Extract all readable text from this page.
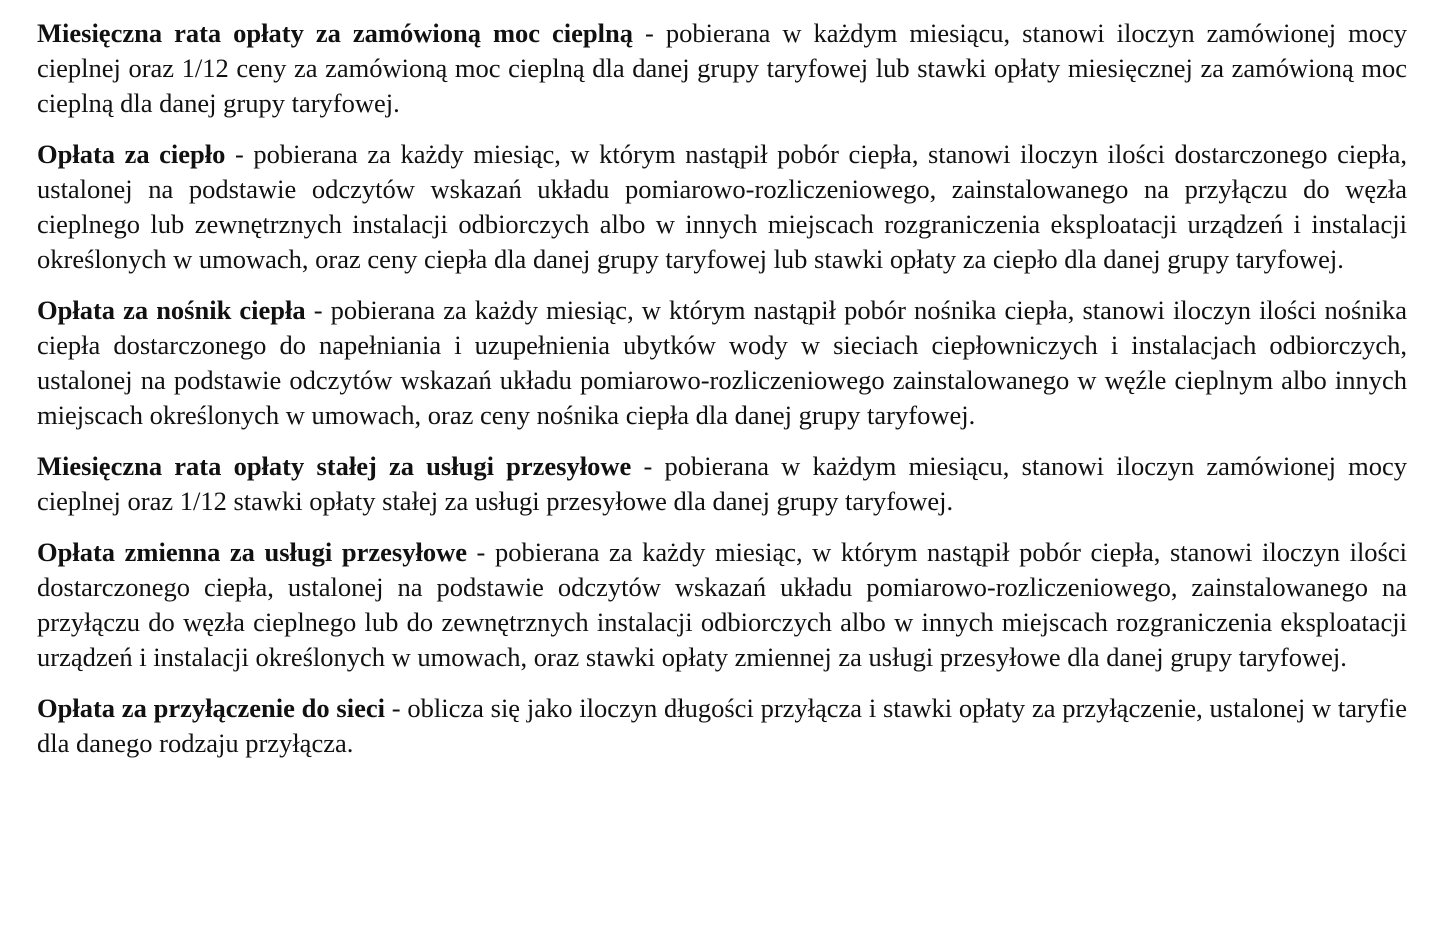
Miesięczna rata opłaty za zamówioną moc cieplną - pobierana w każdym miesiącu, stanowi iloczyn zamówionej mocy cieplnej oraz 1/12 ceny za zamówioną moc cieplną dla danej grupy taryfowej lub stawki opłaty miesięcznej za zamówioną moc cieplną dla danej grupy taryfowej.

Opłata za ciepło - pobierana za każdy miesiąc, w którym nastąpił pobór ciepła, stanowi iloczyn ilości dostarczonego ciepła, ustalonej na podstawie odczytów wskazań układu pomiarowo-rozliczeniowego, zainstalowanego na przyłączu do węzła cieplnego lub zewnętrznych instalacji odbiorczych albo w innych miejscach rozgraniczenia eksploatacji urządzeń i instalacji określonych w umowach, oraz ceny ciepła dla danej grupy taryfowej lub stawki opłaty za ciepło dla danej grupy taryfowej.

Opłata za nośnik ciepła - pobierana za każdy miesiąc, w którym nastąpił pobór nośnika ciepła, stanowi iloczyn ilości nośnika ciepła dostarczonego do napełniania i uzupełnienia ubytków wody w sieciach ciepłowniczych i instalacjach odbiorczych, ustalonej na podstawie odczytów wskazań układu pomiarowo-rozliczeniowego zainstalowanego w węźle cieplnym albo innych miejscach określonych w umowach, oraz ceny nośnika ciepła dla danej grupy taryfowej.

Miesięczna rata opłaty stałej za usługi przesyłowe - pobierana w każdym miesiącu, stanowi iloczyn zamówionej mocy cieplnej oraz 1/12 stawki opłaty stałej za usługi przesyłowe dla danej grupy taryfowej.

Opłata zmienna za usługi przesyłowe - pobierana za każdy miesiąc, w którym nastąpił pobór ciepła, stanowi iloczyn ilości dostarczonego ciepła, ustalonej na podstawie odczytów wskazań układu pomiarowo-rozliczeniowego, zainstalowanego na przyłączu do węzła cieplnego lub do zewnętrznych instalacji odbiorczych albo w innych miejscach rozgraniczenia eksploatacji urządzeń i instalacji określonych w umowach, oraz stawki opłaty zmiennej za usługi przesyłowe dla danej grupy taryfowej.

Opłata za przyłączenie do sieci - oblicza się jako iloczyn długości przyłącza i stawki opłaty za przyłączenie, ustalonej w taryfie dla danego rodzaju przyłącza.
